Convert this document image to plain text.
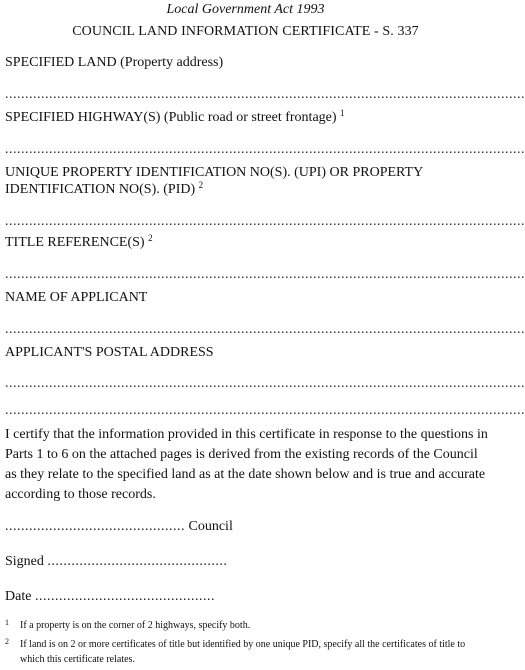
Local Government Act 1993
COUNCIL LAND INFORMATION CERTIFICATE - S. 337
SPECIFIED LAND (Property address)
..................................................................................................................................
SPECIFIED HIGHWAY(S) (Public road or street frontage) $^1$
..................................................................................................................................
UNIQUE PROPERTY IDENTIFICATION NO(S). (UPI) OR PROPERTY
IDENTIFICATION NO(S). (PID) $^2$
..................................................................................................................................
TITLE REFERENCE(S) $^2$
..................................................................................................................................
NAME OF APPLICANT
..................................................................................................................................
APPLICANT'S POSTAL ADDRESS
..................................................................................................................................
..................................................................................................................................
I certify that the information provided in this certificate in response to the questions in Parts 1 to 6 on the attached pages is derived from the existing records of the Council as they relate to the specified land as at the date shown below and is true and accurate according to those records.
............................................. Council
Signed .............................................
Date .............................................
1 If a property is on the corner of 2 highways, specify both.
2 If land is on 2 or more certificates of title but identified by one unique PID, specify all the certificates of title to which this certificate relates.
